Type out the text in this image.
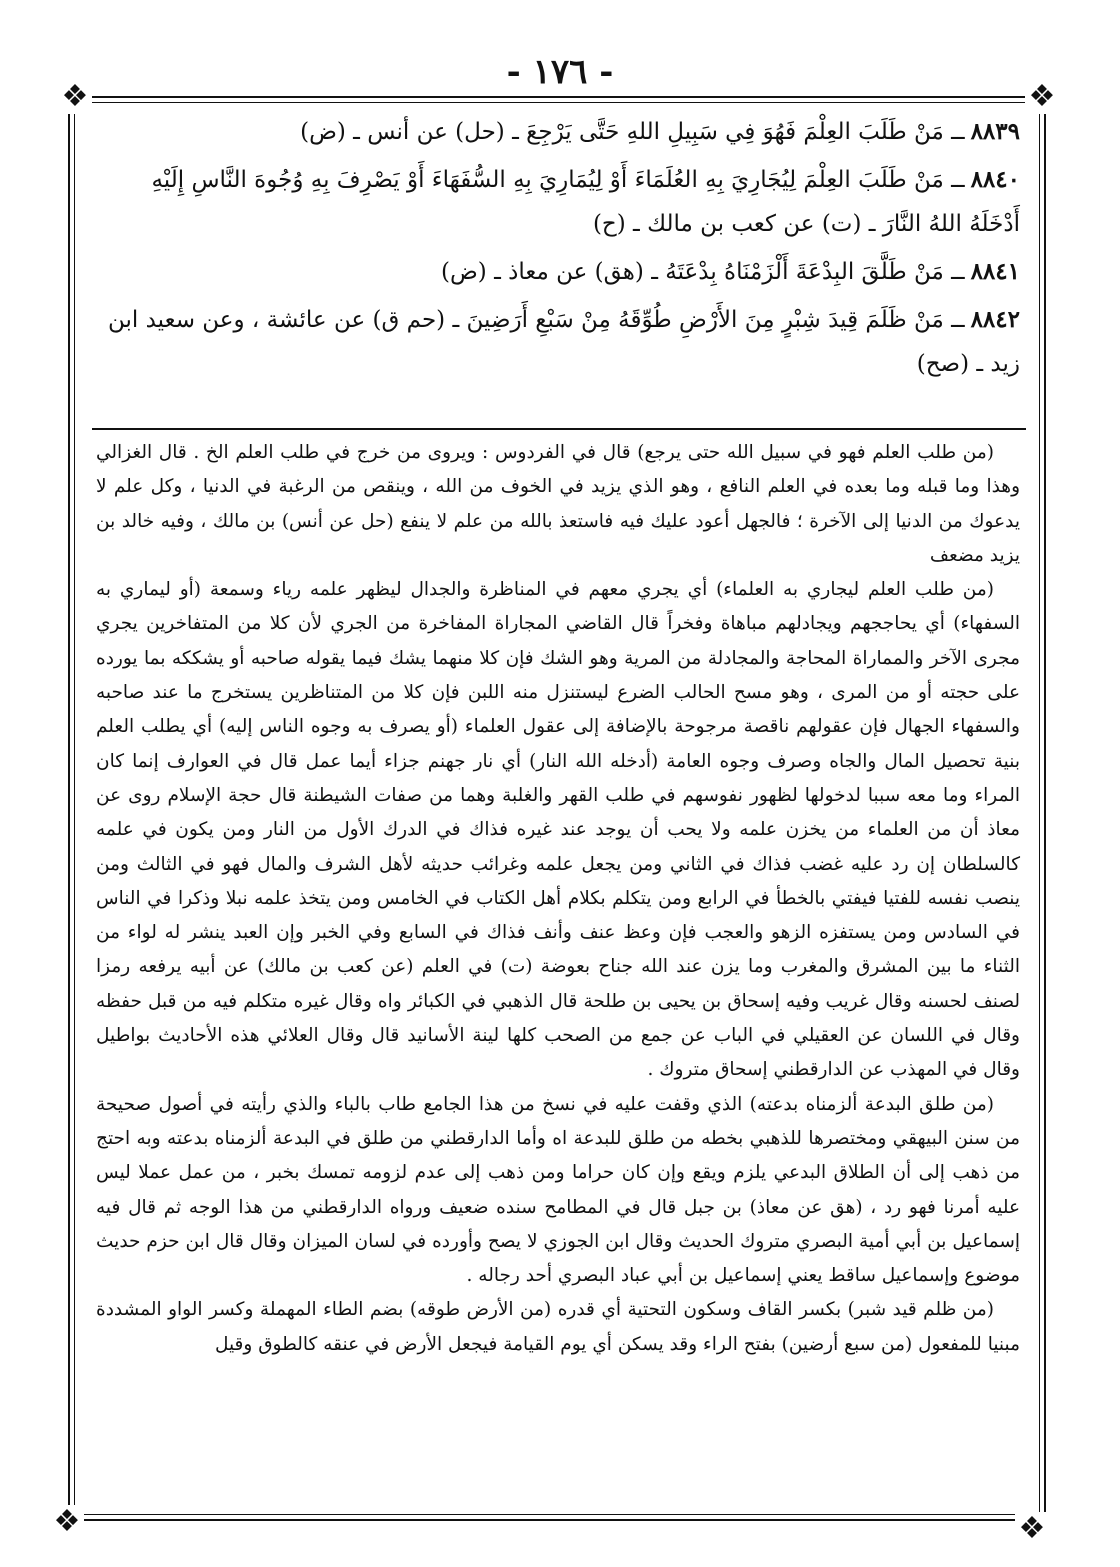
- ١٧٦ -
❖	❖
❖	❖

٨٨٣٩ــ مَنْ طَلَبَ العِلْمَ فَهُوَ فِي سَبِيلِ اللهِ حَتَّى يَرْجِعَ ـ (حل) عن أنس ـ (ض)

٨٨٤٠ــ مَنْ طَلَبَ العِلْمَ لِيُجَارِيَ بِهِ العُلَمَاءَ أَوْ لِيُمَارِيَ بِهِ السُّفَهَاءَ أَوْ يَصْرِفَ بِهِ وُجُوهَ النَّاسِ إِلَيْهِ أَدْخَلَهُ اللهُ النَّارَ ـ (ت) عن كعب بن مالك ـ (ح)

٨٨٤١ــ مَنْ طَلَّقَ البِدْعَةَ أَلْزَمْنَاهُ بِدْعَتَهُ ـ (هق) عن معاذ ـ (ض)

٨٨٤٢ــ مَنْ ظَلَمَ قِيدَ شِبْرٍ مِنَ الأَرْضِ طُوِّقَهُ مِنْ سَبْعِ أَرَضِينَ ـ (حم ق) عن عائشة ، وعن سعيد ابن زيد ـ (صح)

(من طلب العلم فهو في سبيل الله حتى يرجع) قال في الفردوس : ويروى من خرج في طلب العلم الخ . قال الغزالي وهذا وما قبله وما بعده في العلم النافع ، وهو الذي يزيد في الخوف من الله ، وينقص من الرغبة في الدنيا ، وكل علم لا يدعوك من الدنيا إلى الآخرة ؛ فالجهل أعود عليك فيه فاستعذ بالله من علم لا ينفع (حل عن أنس) بن مالك ، وفيه خالد بن يزيد مضعف

(من طلب العلم ليجاري به العلماء) أي يجري معهم في المناظرة والجدال ليظهر علمه رياء وسمعة (أو ليماري به السفهاء) أي يحاججهم ويجادلهم مباهاة وفخراً قال القاضي المجاراة المفاخرة من الجري لأن كلا من المتفاخرين يجري مجرى الآخر والمماراة المحاجة والمجادلة من المرية وهو الشك فإن كلا منهما يشك فيما يقوله صاحبه أو يشككه بما يورده على حجته أو من المرى ، وهو مسح الحالب الضرع ليستنزل منه اللبن فإن كلا من المتناظرين يستخرج ما عند صاحبه والسفهاء الجهال فإن عقولهم ناقصة مرجوحة بالإضافة إلى عقول العلماء (أو يصرف به وجوه الناس إليه) أي يطلب العلم بنية تحصيل المال والجاه وصرف وجوه العامة (أدخله الله النار) أي نار جهنم جزاء أيما عمل قال في العوارف إنما كان المراء وما معه سببا لدخولها لظهور نفوسهم في طلب القهر والغلبة وهما من صفات الشيطنة قال حجة الإسلام روى عن معاذ أن من العلماء من يخزن علمه ولا يحب أن يوجد عند غيره فذاك في الدرك الأول من النار ومن يكون في علمه كالسلطان إن رد عليه غضب فذاك في الثاني ومن يجعل علمه وغرائب حديثه لأهل الشرف والمال فهو في الثالث ومن ينصب نفسه للفتيا فيفتي بالخطأ في الرابع ومن يتكلم بكلام أهل الكتاب في الخامس ومن يتخذ علمه نبلا وذكرا في الناس في السادس ومن يستفزه الزهو والعجب فإن وعظ عنف وأنف فذاك في السابع وفي الخبر وإن العبد ينشر له لواء من الثناء ما بين المشرق والمغرب وما يزن عند الله جناح بعوضة (ت) في العلم (عن كعب بن مالك) عن أبيه يرفعه رمزا لصنف لحسنه وقال غريب وفيه إسحاق بن يحيى بن طلحة قال الذهبي في الكبائر واه وقال غيره متكلم فيه من قبل حفظه وقال في اللسان عن العقيلي في الباب عن جمع من الصحب كلها لينة الأسانيد قال وقال العلائي هذه الأحاديث بواطيل وقال في المهذب عن الدارقطني إسحاق متروك .

(من طلق البدعة ألزمناه بدعته) الذي وقفت عليه في نسخ من هذا الجامع طاب بالباء والذي رأيته في أصول صحيحة من سنن البيهقي ومختصرها للذهبي بخطه من طلق للبدعة اه وأما الدارقطني من طلق في البدعة ألزمناه بدعته وبه احتج من ذهب إلى أن الطلاق البدعي يلزم ويقع وإن كان حراما ومن ذهب إلى عدم لزومه تمسك بخبر ، من عمل عملا ليس عليه أمرنا فهو رد ، (هق عن معاذ) بن جبل قال في المطامح سنده ضعيف ورواه الدارقطني من هذا الوجه ثم قال فيه إسماعيل بن أبي أمية البصري متروك الحديث وقال ابن الجوزي لا يصح وأورده في لسان الميزان وقال قال ابن حزم حديث موضوع وإسماعيل ساقط يعني إسماعيل بن أبي عباد البصري أحد رجاله .

(من ظلم قيد شبر) بكسر القاف وسكون التحتية أي قدره (من الأرض طوقه) بضم الطاء المهملة وكسر الواو المشددة مبنيا للمفعول (من سبع أرضين) بفتح الراء وقد يسكن أي يوم القيامة فيجعل الأرض في عنقه كالطوق وقيل
